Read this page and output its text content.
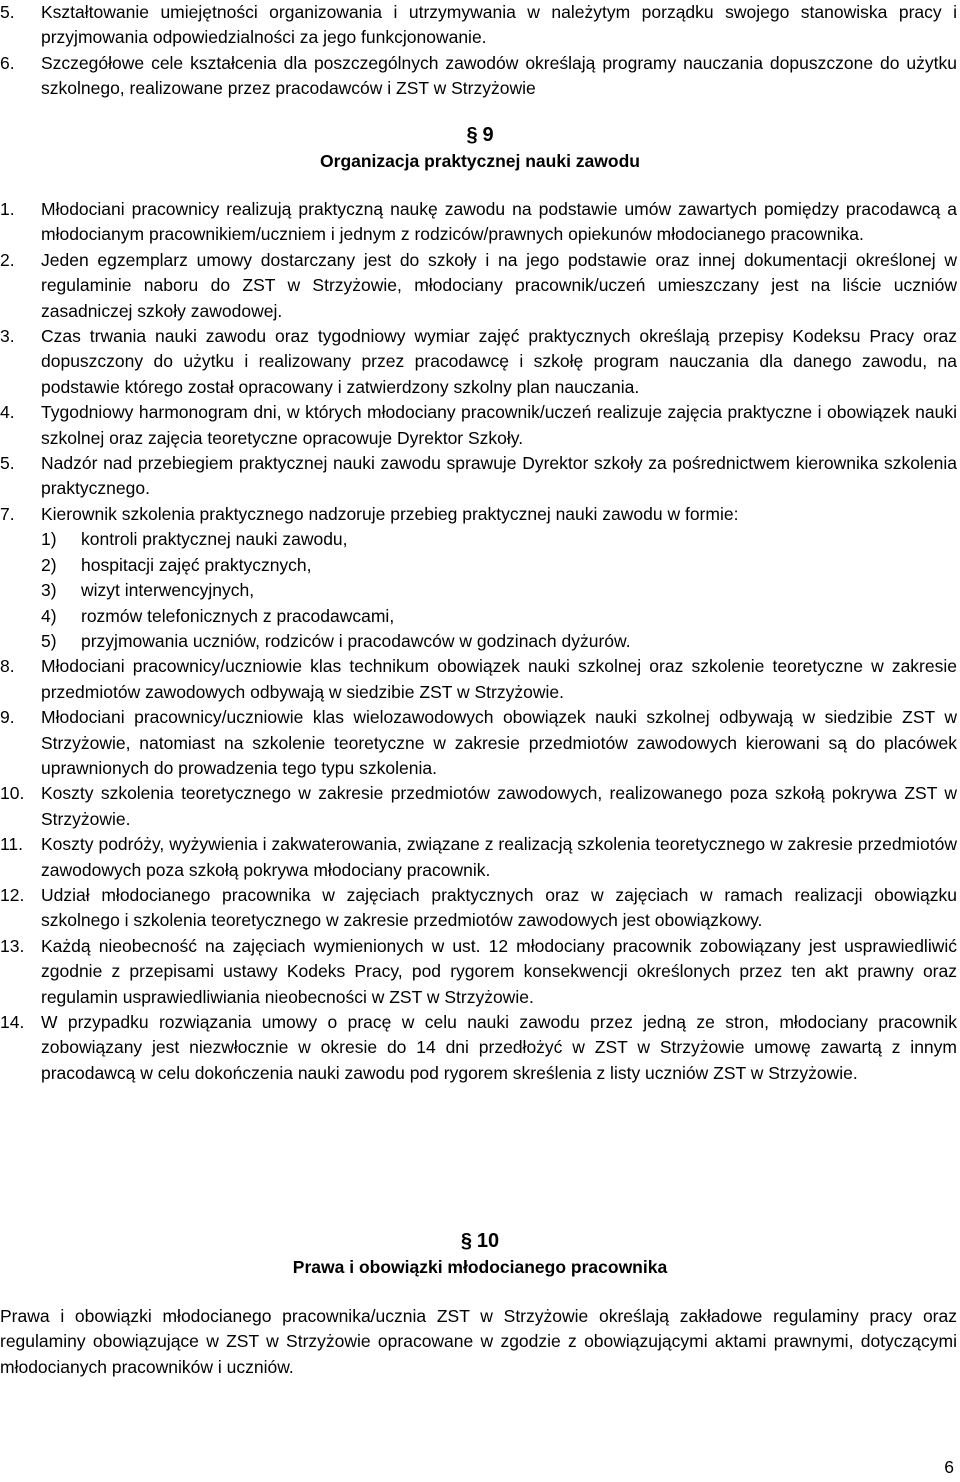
5. Kształtowanie umiejętności organizowania i utrzymywania w należytym porządku swojego stanowiska pracy i przyjmowania odpowiedzialności za jego funkcjonowanie.
6. Szczegółowe cele kształcenia dla poszczególnych zawodów określają programy nauczania dopuszczone do użytku szkolnego, realizowane przez pracodawców i ZST w Strzyżowie
§ 9
Organizacja praktycznej nauki zawodu
1. Młodociani pracownicy realizują praktyczną naukę zawodu na podstawie umów zawartych pomiędzy pracodawcą a młodocianym pracownikiem/uczniem i jednym z rodziców/prawnych opiekunów młodocianego pracownika.
2. Jeden egzemplarz umowy dostarczany jest do szkoły i na jego podstawie oraz innej dokumentacji określonej w regulaminie naboru do ZST w Strzyżowie, młodociany pracownik/uczeń umieszczany jest na liście uczniów zasadniczej szkoły zawodowej.
3. Czas trwania nauki zawodu oraz tygodniowy wymiar zajęć praktycznych określają przepisy Kodeksu Pracy oraz dopuszczony do użytku i realizowany przez pracodawcę i szkołę program nauczania dla danego zawodu, na podstawie którego został opracowany i zatwierdzony szkolny plan nauczania.
4. Tygodniowy harmonogram dni, w których młodociany pracownik/uczeń realizuje zajęcia praktyczne i obowiązek nauki szkolnej oraz zajęcia teoretyczne opracowuje Dyrektor Szkoły.
5. Nadzór nad przebiegiem praktycznej nauki zawodu sprawuje Dyrektor szkoły za pośrednictwem kierownika szkolenia praktycznego.
7. Kierownik szkolenia praktycznego nadzoruje przebieg praktycznej nauki zawodu w formie:
1) kontroli praktycznej nauki zawodu,
2) hospitacji zajęć praktycznych,
3) wizyt interwencyjnych,
4) rozmów telefonicznych z pracodawcami,
5) przyjmowania uczniów, rodziców i pracodawców w godzinach dyżurów.
8. Młodociani pracownicy/uczniowie klas technikum obowiązek nauki szkolnej oraz szkolenie teoretyczne w zakresie przedmiotów zawodowych odbywają w siedzibie ZST w Strzyżowie.
9. Młodociani pracownicy/uczniowie klas wielozawodowych obowiązek nauki szkolnej odbywają w siedzibie ZST w Strzyżowie, natomiast na szkolenie teoretyczne w zakresie przedmiotów zawodowych kierowani są do placówek uprawnionych do prowadzenia tego typu szkolenia.
10. Koszty szkolenia teoretycznego w zakresie przedmiotów zawodowych, realizowanego poza szkołą pokrywa ZST w Strzyżowie.
11. Koszty podróży, wyżywienia i zakwaterowania, związane z realizacją szkolenia teoretycznego w zakresie przedmiotów zawodowych poza szkołą pokrywa młodociany pracownik.
12. Udział młodocianego pracownika w zajęciach praktycznych oraz w zajęciach w ramach realizacji obowiązku szkolnego i szkolenia teoretycznego w zakresie przedmiotów zawodowych jest obowiązkowy.
13. Każdą nieobecność na zajęciach wymienionych w ust. 12 młodociany pracownik zobowiązany jest usprawiedliwić zgodnie z przepisami ustawy Kodeks Pracy, pod rygorem konsekwencji określonych przez ten akt prawny oraz regulamin usprawiedliwiania nieobecności w ZST w Strzyżowie.
14. W przypadku rozwiązania umowy o pracę w celu nauki zawodu przez jedną ze stron, młodociany pracownik zobowiązany jest niezwłocznie w okresie do 14 dni przedłożyć w ZST w Strzyżowie umowę zawartą z innym pracodawcą w celu dokończenia nauki zawodu pod rygorem skreślenia z listy uczniów ZST w Strzyżowie.
§ 10
Prawa i obowiązki młodocianego pracownika
Prawa i obowiązki młodocianego pracownika/ucznia ZST w Strzyżowie określają zakładowe regulaminy pracy oraz regulaminy obowiązujące w ZST w Strzyżowie opracowane w zgodzie z obowiązującymi aktami prawnymi, dotyczącymi młodocianych pracowników i uczniów.
6
